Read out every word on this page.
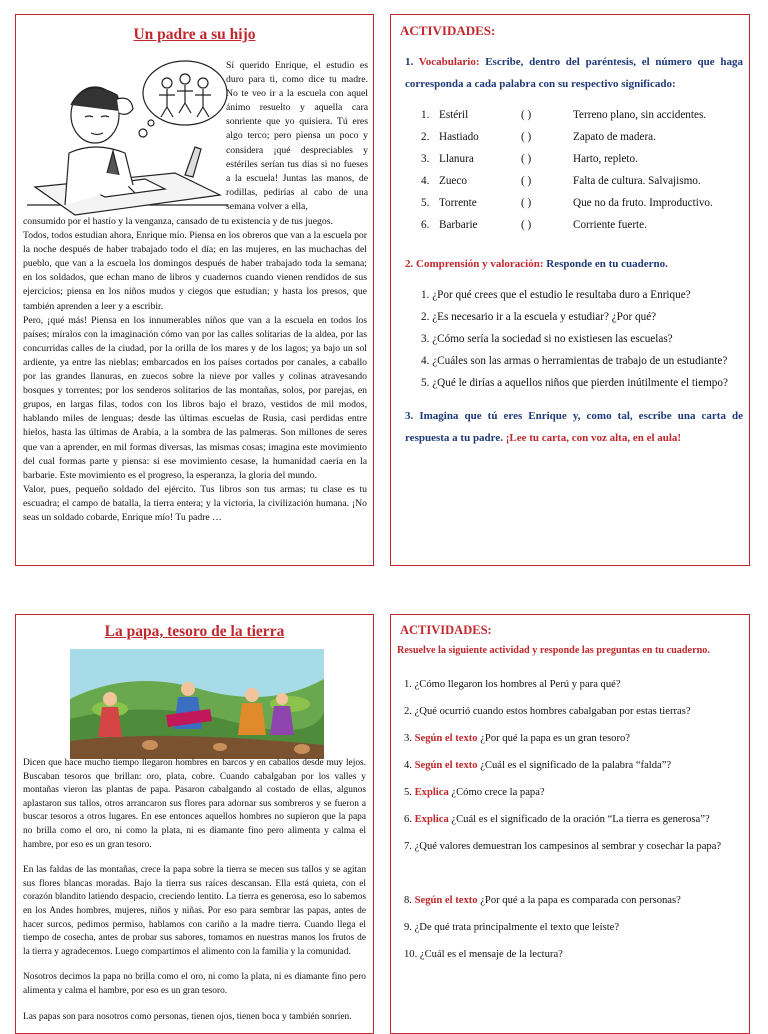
Un padre a su hijo
Sí querido Enrique, el estudio es duro para ti, como dice tu madre. No te veo ir a la escuela con aquel ánimo resuelto y aquella cara sonriente que yo quisiera. Tú eres algo terco; pero piensa un poco y considera ¡qué despreciables y estériles serían tus días si no fueses a la escuela! Juntas las manos, de rodillas, pedirías al cabo de una semana volver a ella,

consumido por el hastío y la venganza, cansado de tu existencia y de tus juegos.

Todos, todos estudian ahora, Enrique mío. Piensa en los obreros que van a la escuela por la noche después de haber trabajado todo el día; en las mujeres, en las muchachas del pueblo, que van a la escuela los domingos después de haber trabajado toda la semana; en los soldados, que echan mano de libros y cuadernos cuando vienen rendidos de sus ejercicios; piensa en los niños mudos y ciegos que estudian; y hasta los presos, que también aprenden a leer y a escribir.

Pero, ¡qué más! Piensa en los innumerables niños que van a la escuela en todos los países; míralos con la imaginación cómo van por las calles solitarias de la aldea, por las concurridas calles de la ciudad, por la orilla de los mares y de los lagos; ya bajo un sol ardiente, ya entre las nieblas; embarcados en los países cortados por canales, a caballo por las grandes llanuras, en zuecos sobre la nieve por valles y colinas atravesando bosques y torrentes; por los senderos solitarios de las montañas, solos, por parejas, en grupos, en largas filas, todos con los libros bajo el brazo, vestidos de mil modos, hablando miles de lenguas; desde las últimas escuelas de Rusia, casi perdidas entre hielos, hasta las últimas de Arabia, a la sombra de las palmeras. Son millones de seres que van a aprender, en mil formas diversas, las mismas cosas; imagina este movimiento del cual formas parte y piensa: si ese movimiento cesase, la humanidad caería en la barbarie. Este movimiento es el progreso, la esperanza, la gloria del mundo.

Valor, pues, pequeño soldado del ejército. Tus libros son tus armas; tu clase es tu escuadra; el campo de batalla, la tierra entera; y la victoria, la civilización humana. ¡No seas un soldado cobarde, Enrique mío! Tu padre …

ACTIVIDADES:
1. Vocabulario: Escribe, dentro del paréntesis, el número que haga corresponda a cada palabra con su respectivo significado:
1. Estéril	( )	Terreno plano, sin accidentes.
2. Hastiado	( )	Zapato de madera.
3. Llanura	( )	Harto, repleto.
4. Zueco	( )	Falta de cultura. Salvajismo.
5. Torrente	( )	Que no da fruto. Improductivo.
6. Barbarie	( )	Corriente fuerte.
2. Comprensión y valoración: Responde en tu cuaderno.
1. ¿Por qué crees que el estudio le resultaba duro a Enrique?
2. ¿Es necesario ir a la escuela y estudiar? ¿Por qué?
3. ¿Cómo sería la sociedad si no existiesen las escuelas?
4. ¿Cuáles son las armas o herramientas de trabajo de un estudiante?
5. ¿Qué le dirías a aquellos niños que pierden inútilmente el tiempo?
3. Imagina que tú eres Enrique y, como tal, escribe una carta de respuesta a tu padre. ¡Lee tu carta, con voz alta, en el aula!
La papa, tesoro de la tierra

Dicen que hace mucho tiempo llegaron hombres en barcos y en caballos desde muy lejos. Buscaban tesoros que brillan: oro, plata, cobre. Cuando cabalgaban por los valles y montañas vieron las plantas de papa. Pasaron cabalgando al costado de ellas, algunos aplastaron sus tallos, otros arrancaron sus flores para adornar sus sombreros y se fueron a buscar tesoros a otros lugares. En ese entonces aquellos hombres no supieron que la papa no brilla como el oro, ni como la plata, ni es diamante fino pero alimenta y calma el hambre, por eso es un gran tesoro.

En las faldas de las montañas, crece la papa sobre la tierra se mecen sus tallos y se agitan sus flores blancas moradas. Bajo la tierra sus raíces descansan. Ella está quieta, con el corazón blandito latiendo despacio, creciendo lentito. La tierra es generosa, eso lo sabemos en los Andes hombres, mujeres, niños y niñas. Por eso para sembrar las papas, antes de hacer surcos, pedimos permiso, hablamos con cariño a la madre tierra. Cuando llega el tiempo de cosecha, antes de probar sus sabores, tomamos en nuestras manos los frutos de la tierra y agradecemos. Luego compartimos el alimento con la familia y la comunidad.

Nosotros decimos la papa no brilla como el oro, ni como la plata, ni es diamante fino pero alimenta y calma el hambre, por eso es un gran tesoro.

Las papas son para nosotros como personas, tienen ojos, tienen boca y también sonríen.

ACTIVIDADES:
Resuelve la siguiente actividad y responde las preguntas en tu cuaderno.
1. ¿Cómo llegaron los hombres al Perú y para qué?
2. ¿Qué ocurrió cuando estos hombres cabalgaban por estas tierras?
3. Según el texto ¿Por qué la papa es un gran tesoro?
4. Según el texto ¿Cuál es el significado de la palabra “falda”?
5. Explica ¿Cómo crece la papa?
6. Explica ¿Cuál es el significado de la oración “La tierra es generosa”?
7. ¿Qué valores demuestran los campesinos al sembrar y cosechar la papa?
8. Según el texto ¿Por qué a la papa es comparada con personas?
9. ¿De qué trata principalmente el texto que leíste?
10. ¿Cuál es el mensaje de la lectura?
